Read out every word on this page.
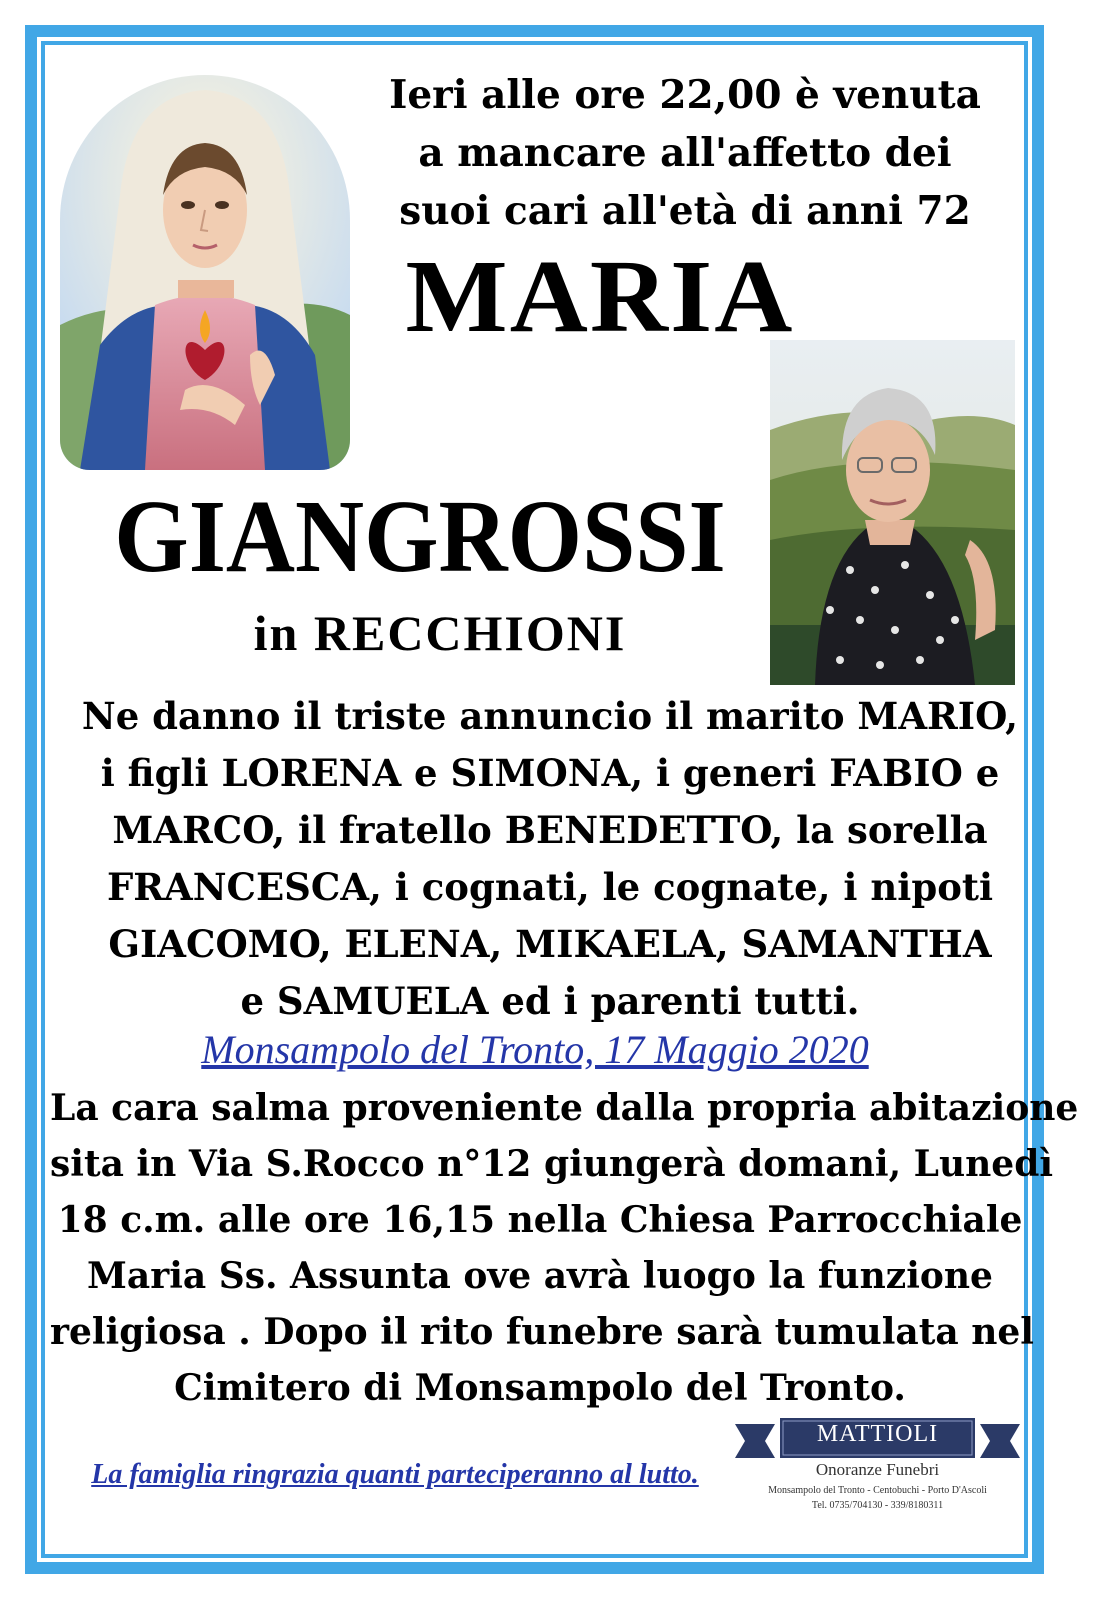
Ieri alle ore 22,00 è venuta
a mancare all'affetto dei
suoi cari all'età di anni 72
MARIA
GIANGROSSI
in RECCHIONI
Ne danno il triste annuncio il marito MARIO,
i figli LORENA e SIMONA, i generi FABIO e
MARCO, il fratello BENEDETTO, la sorella
FRANCESCA, i cognati, le cognate, i nipoti
GIACOMO, ELENA, MIKAELA, SAMANTHA
e SAMUELA ed i parenti tutti.
Monsampolo del Tronto, 17 Maggio 2020
La cara salma proveniente dalla propria abitazione
sita in Via S.Rocco n°12 giungerà domani, Lunedì
18 c.m. alle ore 16,15 nella Chiesa Parrocchiale
Maria Ss. Assunta ove avrà luogo la funzione
religiosa . Dopo il rito funebre sarà tumulata nel
Cimitero di Monsampolo del Tronto.
La famiglia ringrazia quanti parteciperanno al lutto.
MATTIOLI
Onoranze Funebri
Monsampolo del Tronto - Centobuchi - Porto D'Ascoli
Tel. 0735/704130 - 339/8180311
